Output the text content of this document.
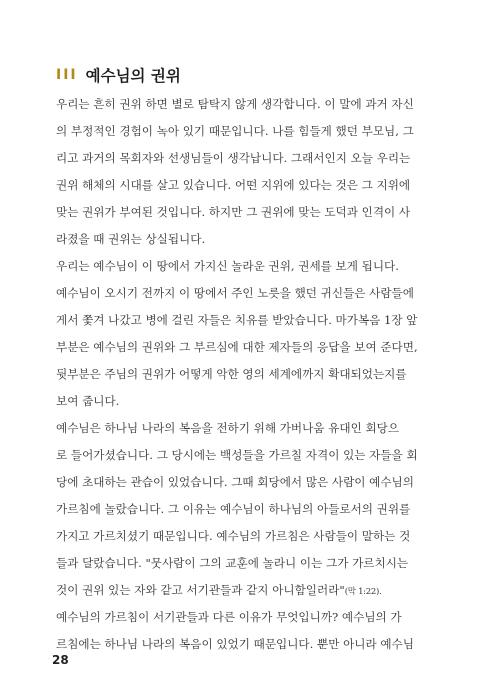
III 예수님의 권위
우리는 흔히 권위 하면 별로 탐탁지 않게 생각합니다. 이 말에 과거 자신
의 부정적인 경험이 녹아 있기 때문입니다. 나를 힘들게 했던 부모님, 그
리고 과거의 목회자와 선생님들이 생각납니다. 그래서인지 오늘 우리는
권위 해체의 시대를 살고 있습니다. 어떤 지위에 있다는 것은 그 지위에
맞는 권위가 부여된 것입니다. 하지만 그 권위에 맞는 도덕과 인격이 사
라졌을 때 권위는 상실됩니다.
우리는 예수님이 이 땅에서 가지신 놀라운 권위, 권세를 보게 됩니다.
예수님이 오시기 전까지 이 땅에서 주인 노릇을 했던 귀신들은 사람들에
게서 쫓겨 나갔고 병에 걸린 자들은 치유를 받았습니다. 마가복음 1장 앞
부분은 예수님의 권위와 그 부르심에 대한 제자들의 응답을 보여 준다면,
뒷부분은 주님의 권위가 어떻게 악한 영의 세계에까지 확대되었는지를
보여 줍니다.
예수님은 하나님 나라의 복음을 전하기 위해 가버나움 유대인 회당으
로 들어가셨습니다. 그 당시에는 백성들을 가르칠 자격이 있는 자들을 회
당에 초대하는 관습이 있었습니다. 그때 회당에서 많은 사람이 예수님의
가르침에 놀랐습니다. 그 이유는 예수님이 하나님의 아들로서의 권위를
가지고 가르치셨기 때문입니다. 예수님의 가르침은 사람들이 말하는 것
들과 달랐습니다. "뭇사람이 그의 교훈에 놀라니 이는 그가 가르치시는
것이 권위 있는 자와 같고 서기관들과 같지 아니함일러라"(막 1:22).
예수님의 가르침이 서기관들과 다른 이유가 무엇입니까? 예수님의 가
르침에는 하나님 나라의 복음이 있었기 때문입니다. 뿐만 아니라 예수님
28
